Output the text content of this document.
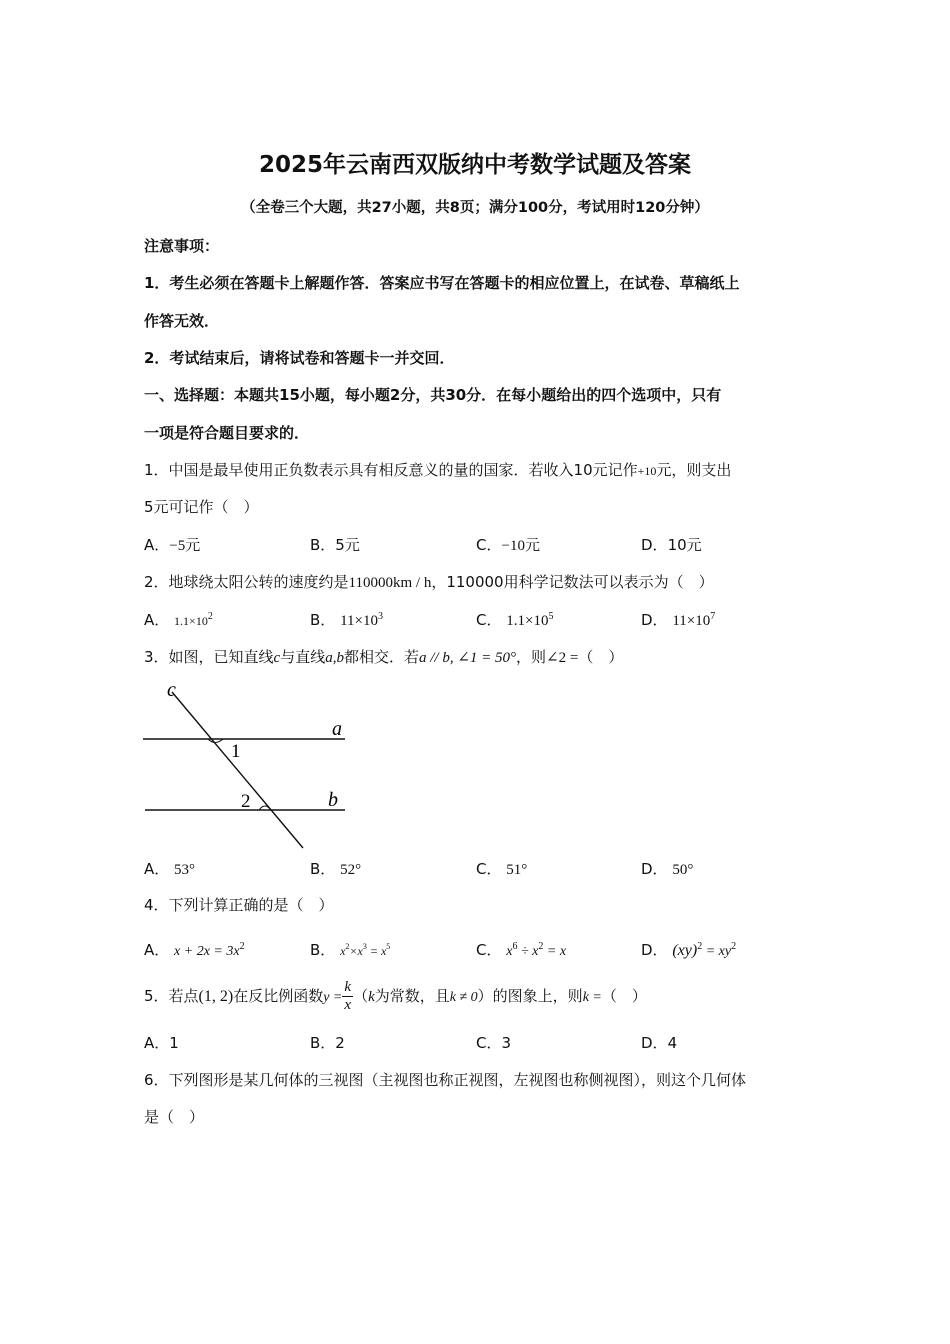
2025年云南西双版纳中考数学试题及答案
（全卷三个大题，共27小题，共8页；满分100分，考试用时120分钟）
注意事项：
1．考生必须在答题卡上解题作答．答案应书写在答题卡的相应位置上，在试卷、草稿纸上
作答无效．
2．考试结束后，请将试卷和答题卡一并交回．
一、选择题：本题共15小题，每小题2分，共30分．在每小题给出的四个选项中，只有
一项是符合题目要求的．
1．中国是最早使用正负数表示具有相反意义的量的国家．若收入10元记作+10元，则支出
5元可记作（　）
A．−5元	B．5元	C．−10元	D．10元
2．地球绕太阳公转的速度约是110000km / h，110000用科学记数法可以表示为（　）
A． $1.1\times 10^2$	B． $11\times 10^3$	C． $1.1\times 10^5$	D． $11\times 10^7$
3．如图，已知直线c与直线a,b都相交．若a // b, ∠1 = 50°，则∠2 =（　）
c
a
b
1
2
A． 53°	B． 52°	C． 51°	D． 50°
4．下列计算正确的是（　）
A． $x + 2x = 3x^2$	B． $x^2\times x^3 = x^5$	C． $x^6 \div x^2 = x$	D． $(xy)^2 = xy^2$
5．若点(1, 2)在反比例函数$y = \frac{k}{x} (k$为常数，且k ≠ 0）的图象上，则k =（　）
A．1	B．2	C．3	D．4
6．下列图形是某几何体的三视图（主视图也称正视图，左视图也称侧视图），则这个几何体
是（　）
